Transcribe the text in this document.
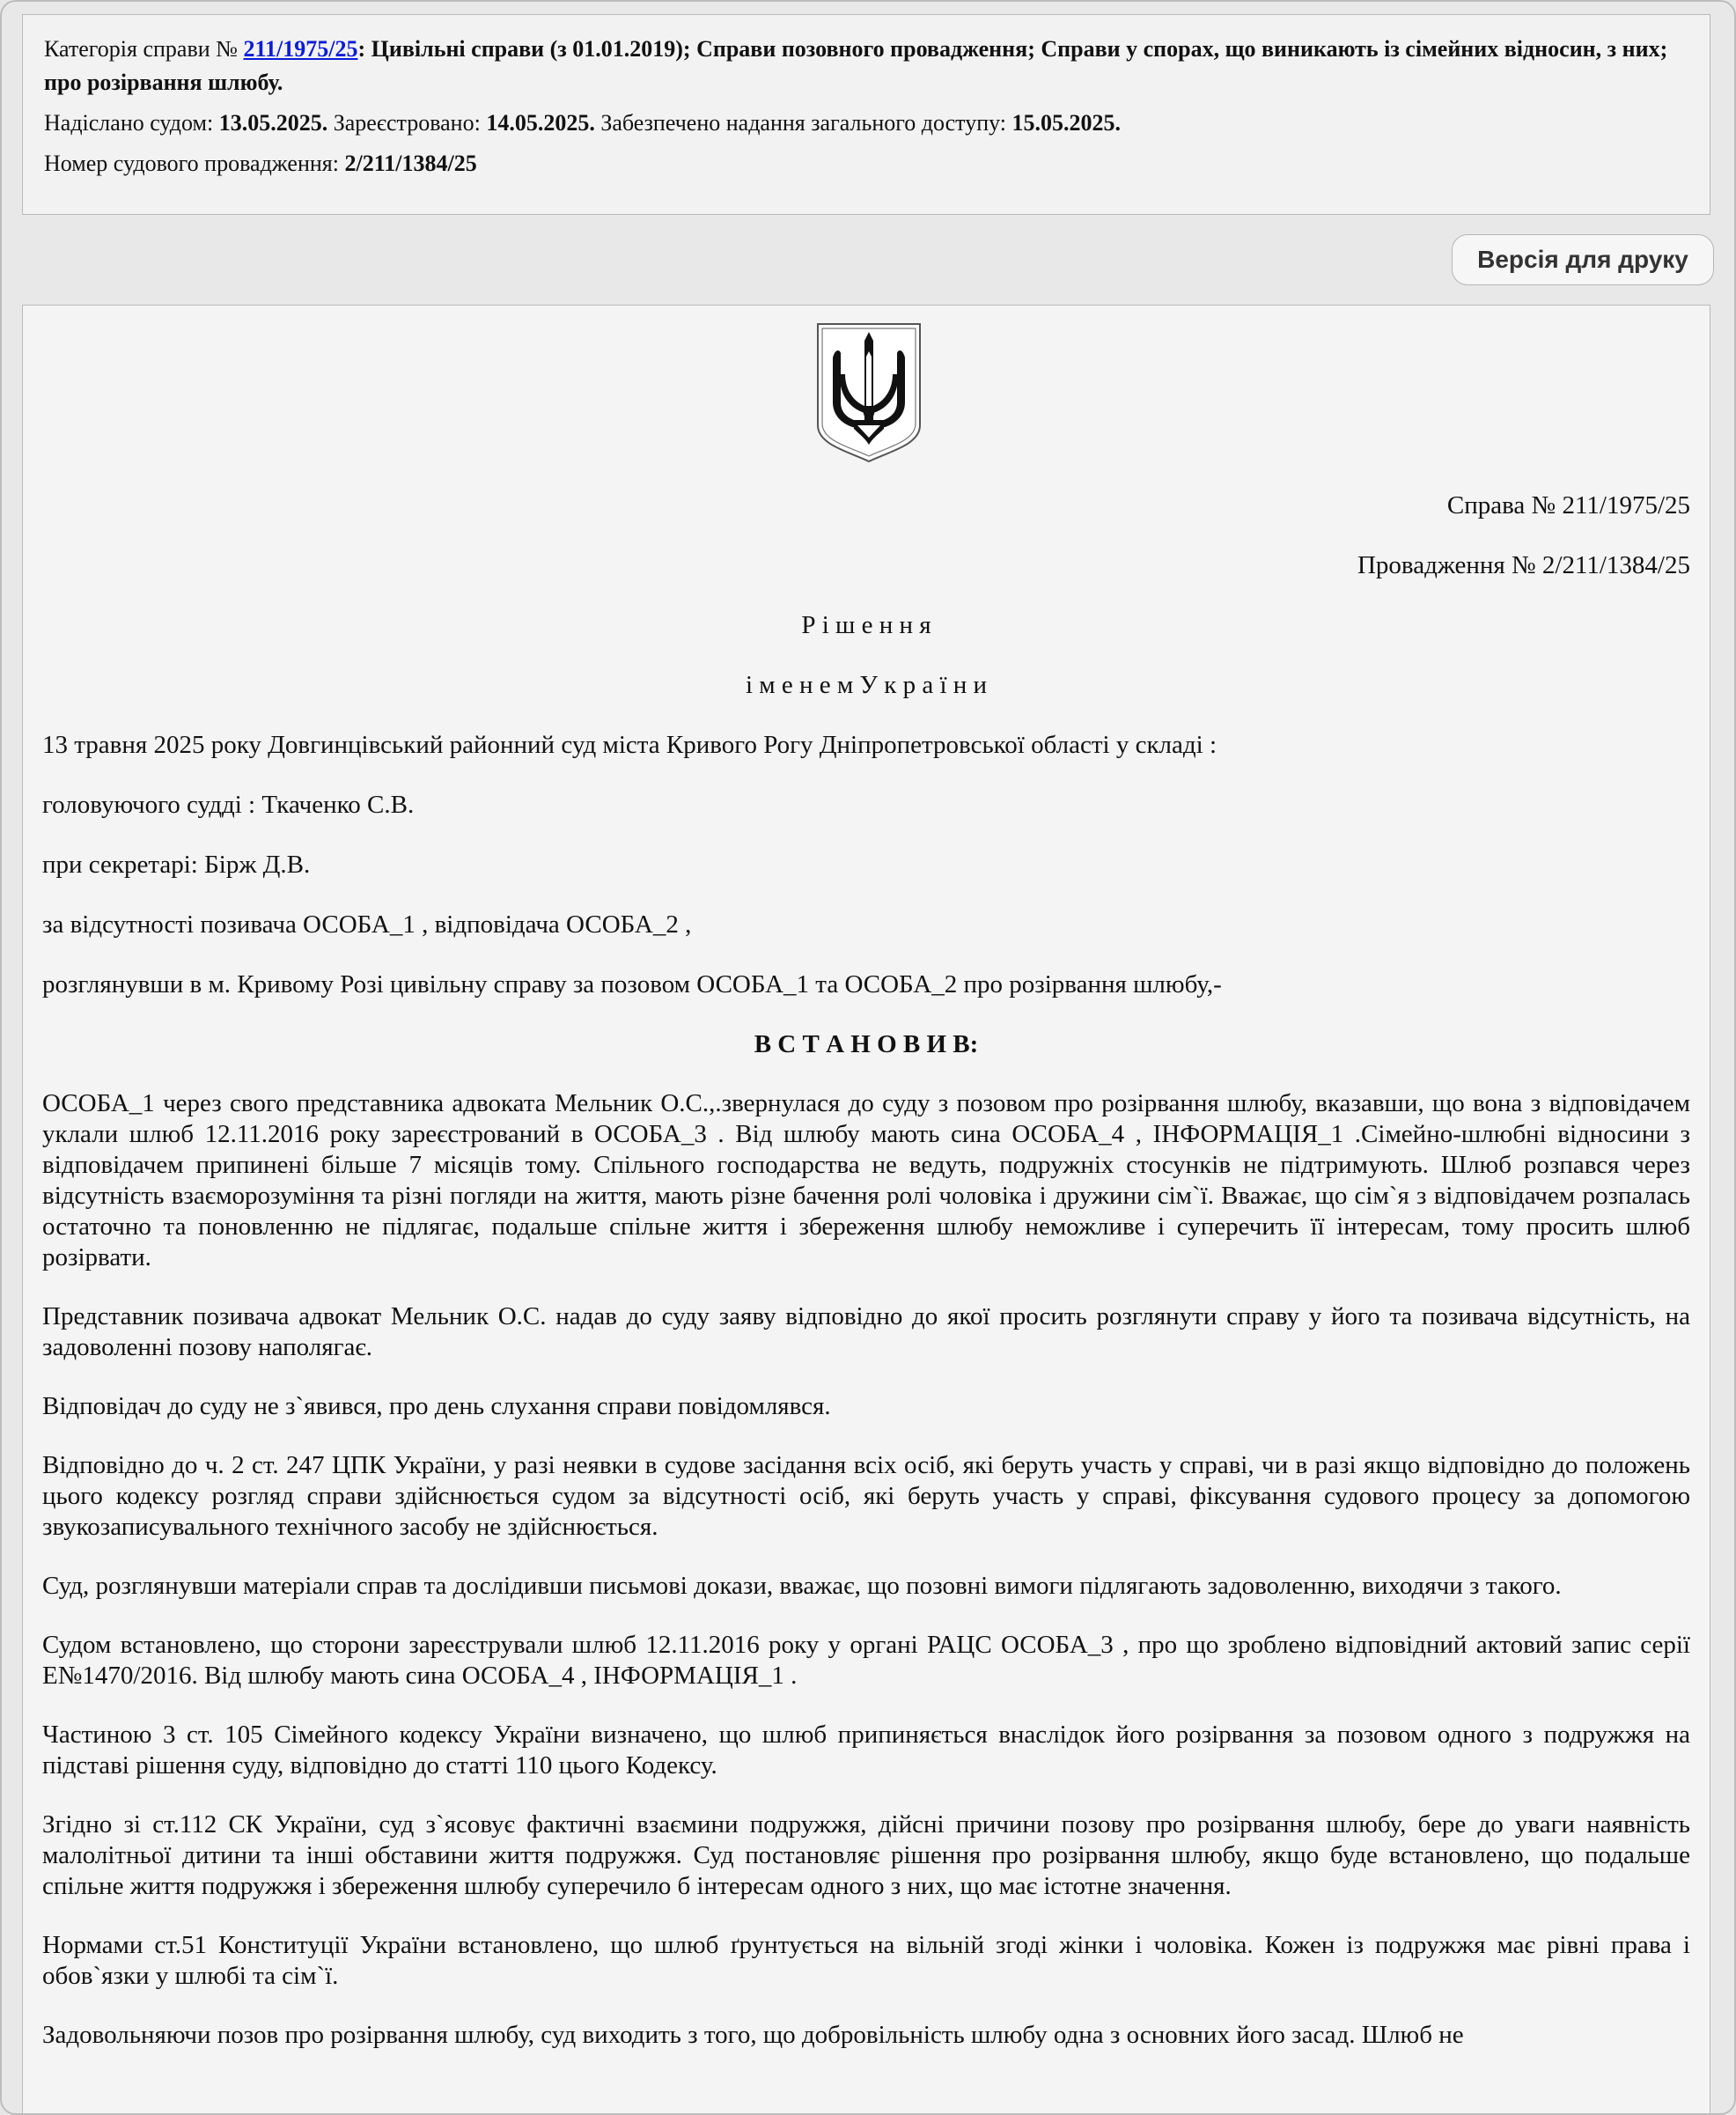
Категорія справи № 211/1975/25: Цивільні справи (з 01.01.2019); Справи позовного провадження; Справи у спорах, що виникають із сімейних відносин, з них; про розірвання шлюбу.

Надіслано судом: 13.05.2025. Зареєстровано: 14.05.2025. Забезпечено надання загального доступу: 15.05.2025.

Номер судового провадження: 2/211/1384/25

Версія для друку

Справа № 211/1975/25

Провадження № 2/211/1384/25

Р і ш е н н я

і м е н е м У к р а ї н и

13 травня 2025 року Довгинцівський районний суд міста Кривого Рогу Дніпропетровської області у складі :

головуючого судді : Ткаченко С.В.

при секретарі: Бірж Д.В.

за відсутності позивача ОСОБА_1 , відповідача ОСОБА_2 ,

розглянувши в м. Кривому Розі цивільну справу за позовом ОСОБА_1 та ОСОБА_2 про розірвання шлюбу,-

В С Т А Н О В И В:

ОСОБА_1 через свого представника адвоката Мельник О.С.,.звернулася до суду з позовом про розірвання шлюбу, вказавши, що вона з відповідачем уклали шлюб 12.11.2016 року зареєстрований в ОСОБА_3 . Від шлюбу мають сина ОСОБА_4 , ІНФОРМАЦІЯ_1 .Сімейно-шлюбні відносини з відповідачем припинені більше 7 місяців тому. Спільного господарства не ведуть, подружніх стосунків не підтримують. Шлюб розпався через відсутність взаєморозуміння та різні погляди на життя, мають різне бачення ролі чоловіка і дружини сім`ї. Вважає, що сім`я з відповідачем розпалась остаточно та поновленню не підлягає, подальше спільне життя і збереження шлюбу неможливе і суперечить її інтересам, тому просить шлюб розірвати.

Представник позивача адвокат Мельник О.С. надав до суду заяву відповідно до якої просить розглянути справу у його та позивача відсутність, на задоволенні позову наполягає.

Відповідач до суду не з`явився, про день слухання справи повідомлявся.

Відповідно до ч. 2 ст. 247 ЦПК України, у разі неявки в судове засідання всіх осіб, які беруть участь у справі, чи в разі якщо відповідно до положень цього кодексу розгляд справи здійснюється судом за відсутності осіб, які беруть участь у справі, фіксування судового процесу за допомогою звукозаписувального технічного засобу не здійснюється.

Суд, розглянувши матеріали справ та дослідивши письмові докази, вважає, що позовні вимоги підлягають задоволенню, виходячи з такого.

Судом встановлено, що сторони зареєстрували шлюб 12.11.2016 року у органі РАЦС ОСОБА_3 , про що зроблено відповідний актовий запис серії Е№1470/2016. Від шлюбу мають сина ОСОБА_4 , ІНФОРМАЦІЯ_1 .

Частиною 3 ст. 105 Сімейного кодексу України визначено, що шлюб припиняється внаслідок його розірвання за позовом одного з подружжя на підставі рішення суду, відповідно до статті 110 цього Кодексу.

Згідно зі ст.112 СК України, суд з`ясовує фактичні взаємини подружжя, дійсні причини позову про розірвання шлюбу, бере до уваги наявність малолітньої дитини та інші обставини життя подружжя. Суд постановляє рішення про розірвання шлюбу, якщо буде встановлено, що подальше спільне життя подружжя і збереження шлюбу суперечило б інтересам одного з них, що має істотне значення.

Нормами ст.51 Конституції України встановлено, що шлюб ґрунтується на вільній згоді жінки і чоловіка. Кожен із подружжя має рівні права і обов`язки у шлюбі та сім`ї.

Задовольняючи позов про розірвання шлюбу, суд виходить з того, що добровільність шлюбу одна з основних його засад. Шлюб не
